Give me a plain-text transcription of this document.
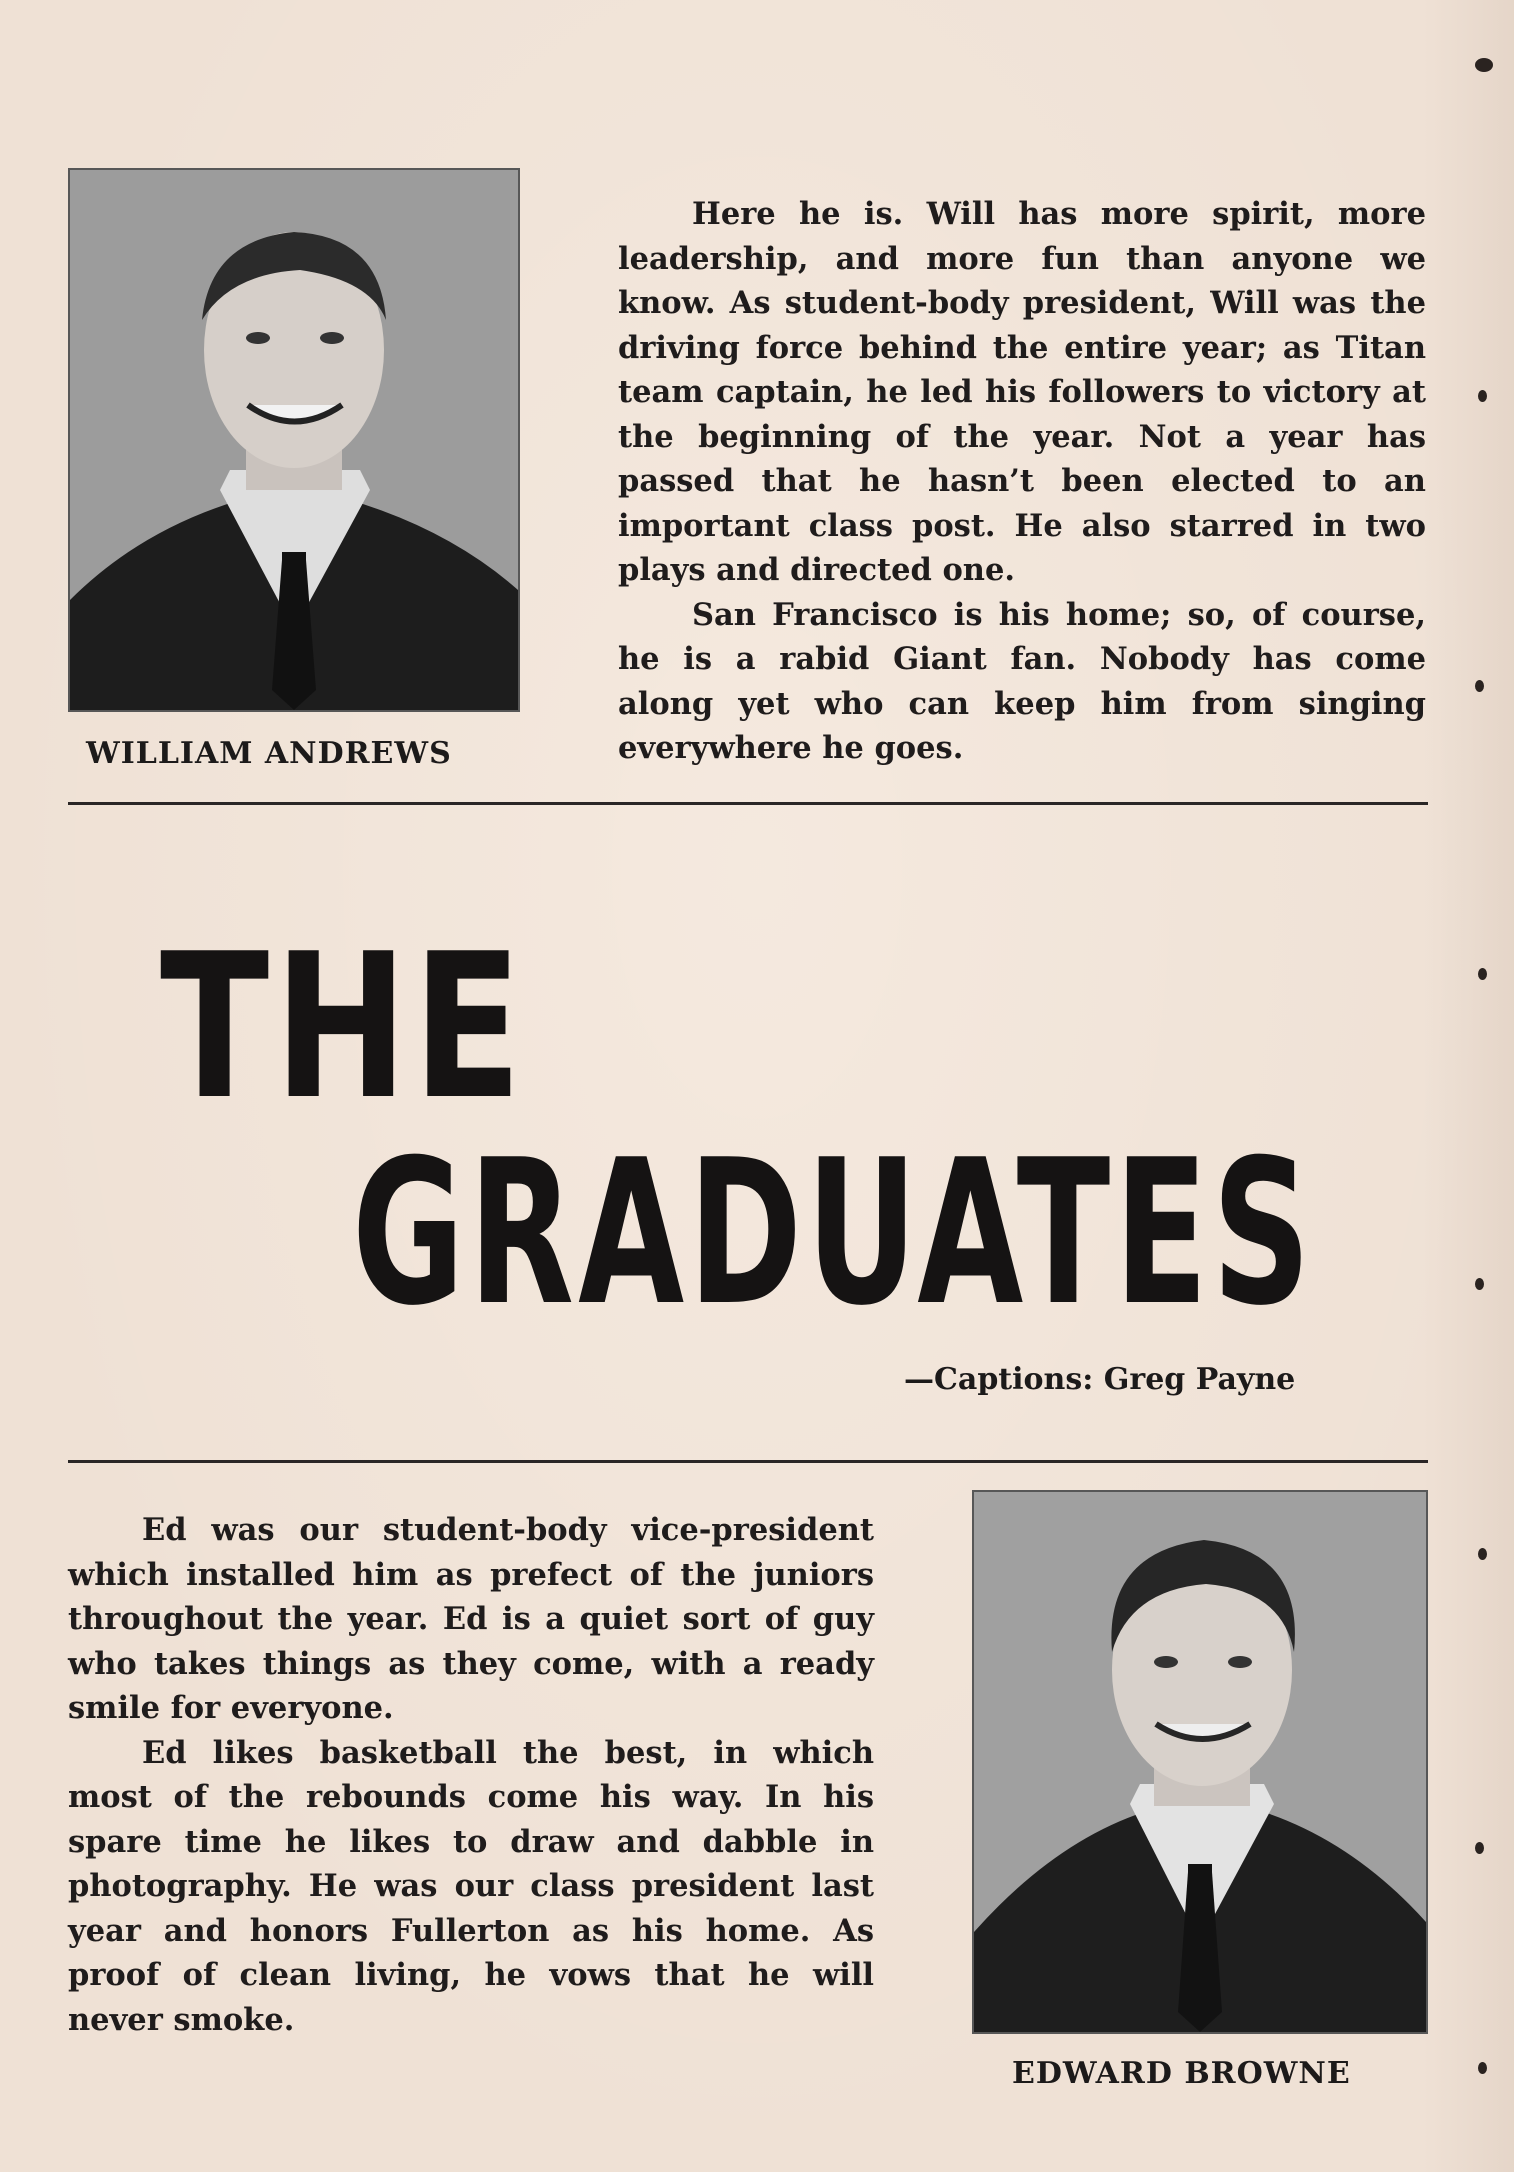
WILLIAM ANDREWS

Here he is. Will has more spirit, more leadership, and more fun than anyone we know. As student-body president, Will was the driving force behind the entire year; as Titan team captain, he led his followers to victory at the beginning of the year. Not a year has passed that he hasn’t been elected to an important class post. He also starred in two plays and directed one.

San Francisco is his home; so, of course, he is a rabid Giant fan. Nobody has come along yet who can keep him from singing everywhere he goes.

THE
GRADUATES
—Captions: Greg Payne

Ed was our student-body vice-president which installed him as prefect of the juniors throughout the year. Ed is a quiet sort of guy who takes things as they come, with a ready smile for everyone.

Ed likes basketball the best, in which most of the rebounds come his way. In his spare time he likes to draw and dabble in photography. He was our class president last year and honors Fullerton as his home. As proof of clean living, he vows that he will never smoke.

EDWARD BROWNE
